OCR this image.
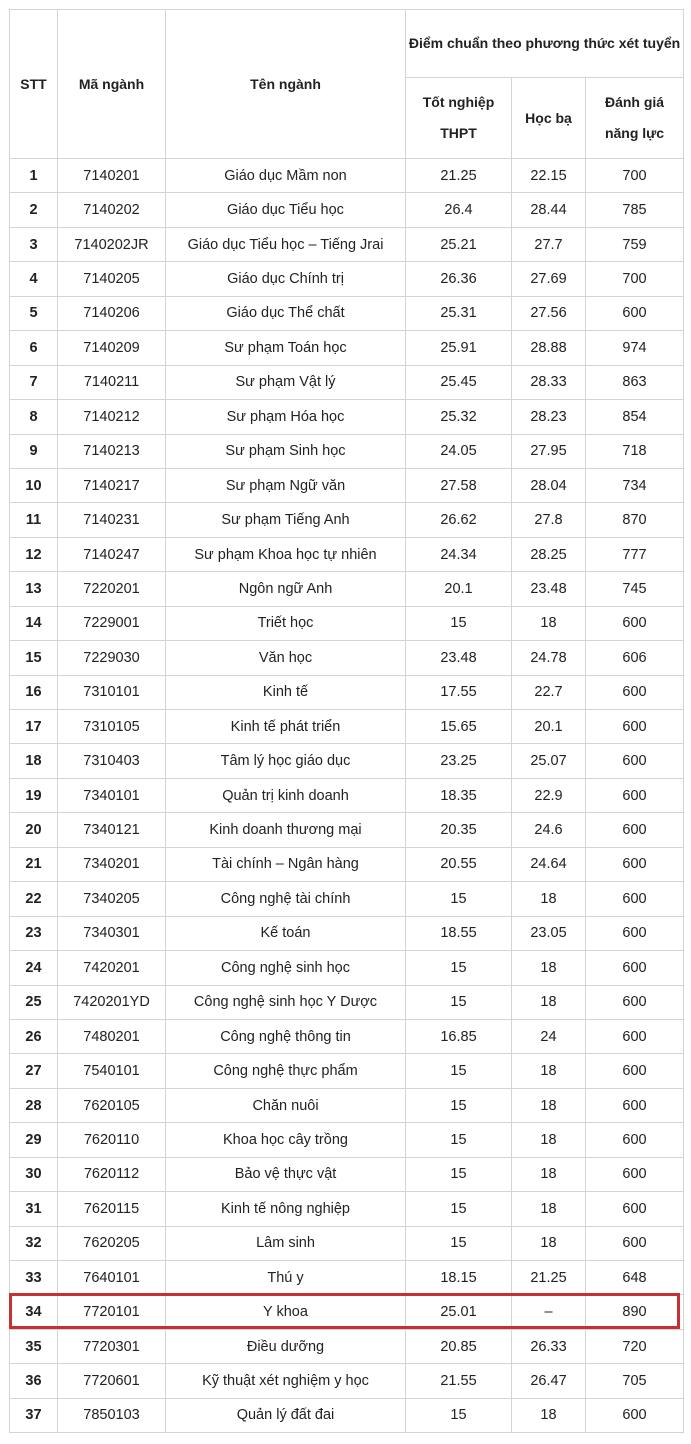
STT	Mã ngành	Tên ngành	Điểm chuẩn theo phương thức xét tuyển		
			Tốt nghiệp THPT	Học bạ	Đánh giá năng lực
1	7140201	Giáo dục Mầm non	21.25	22.15	700
2	7140202	Giáo dục Tiểu học	26.4	28.44	785
3	7140202JR	Giáo dục Tiểu học – Tiếng Jrai	25.21	27.7	759
4	7140205	Giáo dục Chính trị	26.36	27.69	700
5	7140206	Giáo dục Thể chất	25.31	27.56	600
6	7140209	Sư phạm Toán học	25.91	28.88	974
7	7140211	Sư phạm Vật lý	25.45	28.33	863
8	7140212	Sư phạm Hóa học	25.32	28.23	854
9	7140213	Sư phạm Sinh học	24.05	27.95	718
10	7140217	Sư phạm Ngữ văn	27.58	28.04	734
11	7140231	Sư phạm Tiếng Anh	26.62	27.8	870
12	7140247	Sư phạm Khoa học tự nhiên	24.34	28.25	777
13	7220201	Ngôn ngữ Anh	20.1	23.48	745
14	7229001	Triết học	15	18	600
15	7229030	Văn học	23.48	24.78	606
16	7310101	Kinh tế	17.55	22.7	600
17	7310105	Kinh tế phát triển	15.65	20.1	600
18	7310403	Tâm lý học giáo dục	23.25	25.07	600
19	7340101	Quản trị kinh doanh	18.35	22.9	600
20	7340121	Kinh doanh thương mại	20.35	24.6	600
21	7340201	Tài chính – Ngân hàng	20.55	24.64	600
22	7340205	Công nghệ tài chính	15	18	600
23	7340301	Kế toán	18.55	23.05	600
24	7420201	Công nghệ sinh học	15	18	600
25	7420201YD	Công nghệ sinh học Y Dược	15	18	600
26	7480201	Công nghệ thông tin	16.85	24	600
27	7540101	Công nghệ thực phẩm	15	18	600
28	7620105	Chăn nuôi	15	18	600
29	7620110	Khoa học cây trồng	15	18	600
30	7620112	Bảo vệ thực vật	15	18	600
31	7620115	Kinh tế nông nghiệp	15	18	600
32	7620205	Lâm sinh	15	18	600
33	7640101	Thú y	18.15	21.25	648
34	7720101	Y khoa	25.01	–	890
35	7720301	Điều dưỡng	20.85	26.33	720
36	7720601	Kỹ thuật xét nghiệm y học	21.55	26.47	705
37	7850103	Quản lý đất đai	15	18	600
